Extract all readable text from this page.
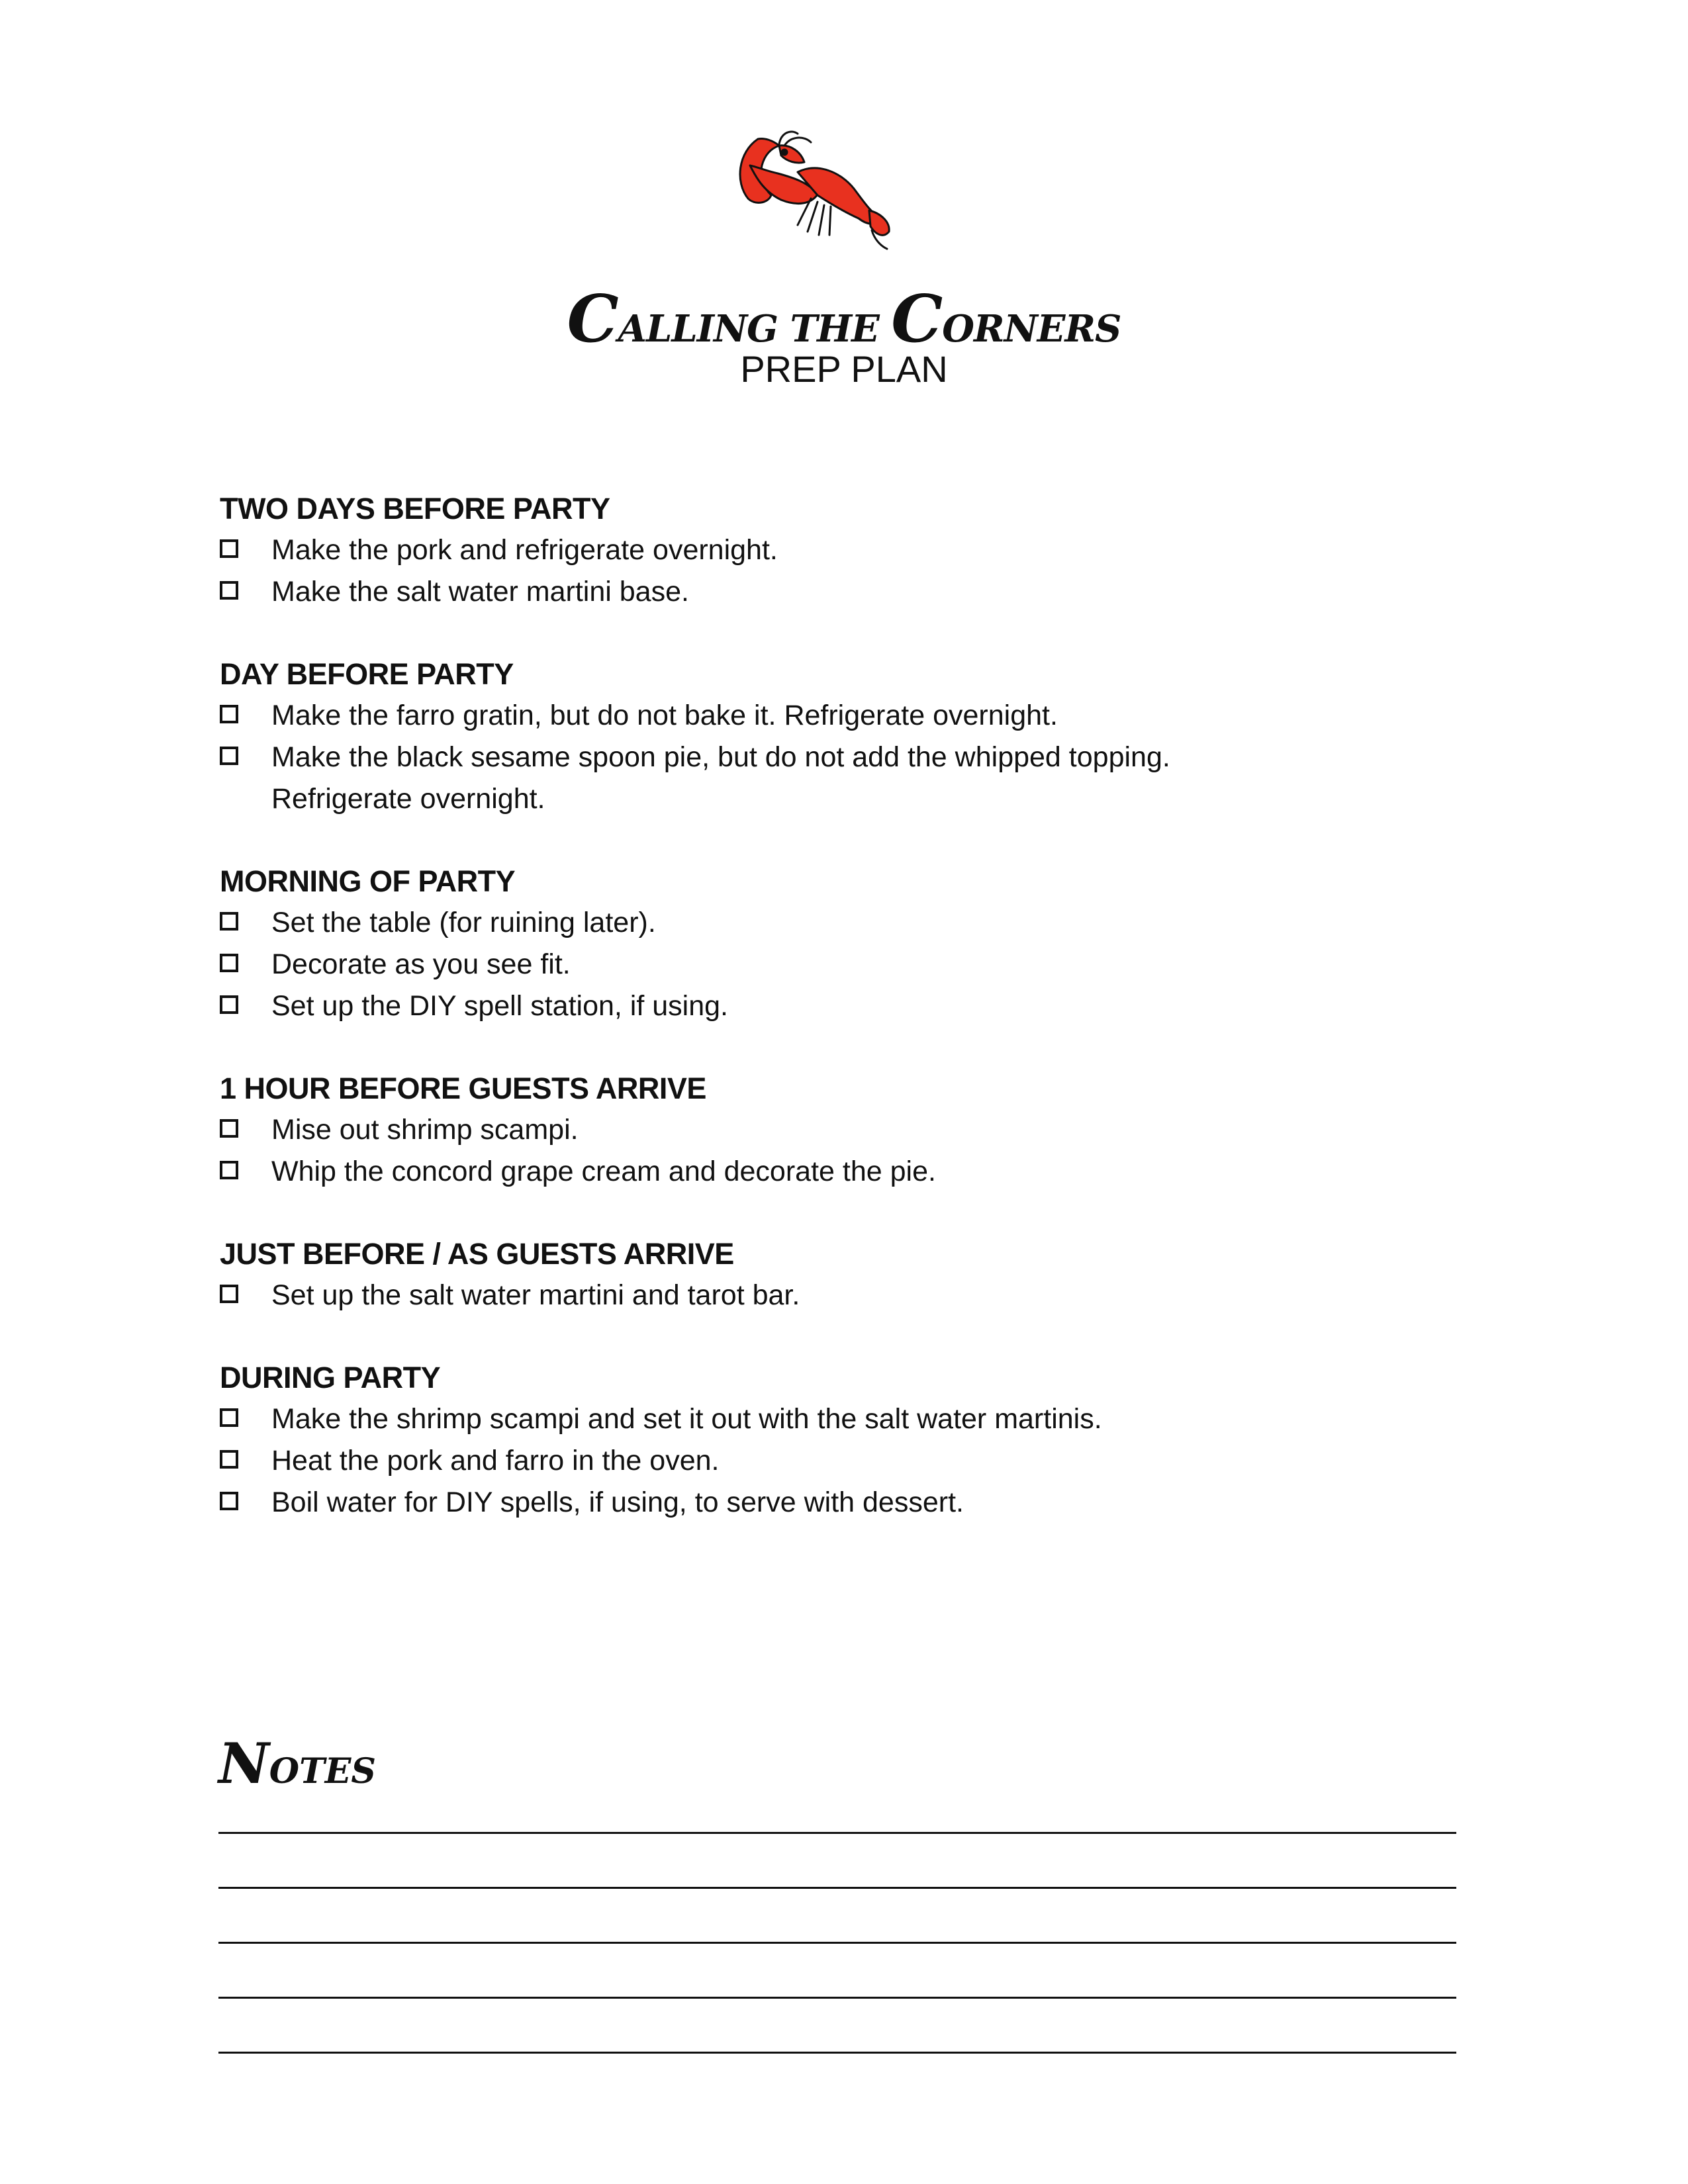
CALLING THE CORNERS
PREP PLAN
TWO DAYS BEFORE PARTY
Make the pork and refrigerate overnight.
Make the salt water martini base.
DAY BEFORE PARTY
Make the farro gratin, but do not bake it. Refrigerate overnight.
Make the black sesame spoon pie, but do not add the whipped topping. Refrigerate overnight.
MORNING OF PARTY
Set the table (for ruining later).
Decorate as you see fit.
Set up the DIY spell station, if using.
1 HOUR BEFORE GUESTS ARRIVE
Mise out shrimp scampi.
Whip the concord grape cream and decorate the pie.
JUST BEFORE / AS GUESTS ARRIVE
Set up the salt water martini and tarot bar.
DURING PARTY
Make the shrimp scampi and set it out with the salt water martinis.
Heat the pork and farro in the oven.
Boil water for DIY spells, if using, to serve with dessert.
NOTES
